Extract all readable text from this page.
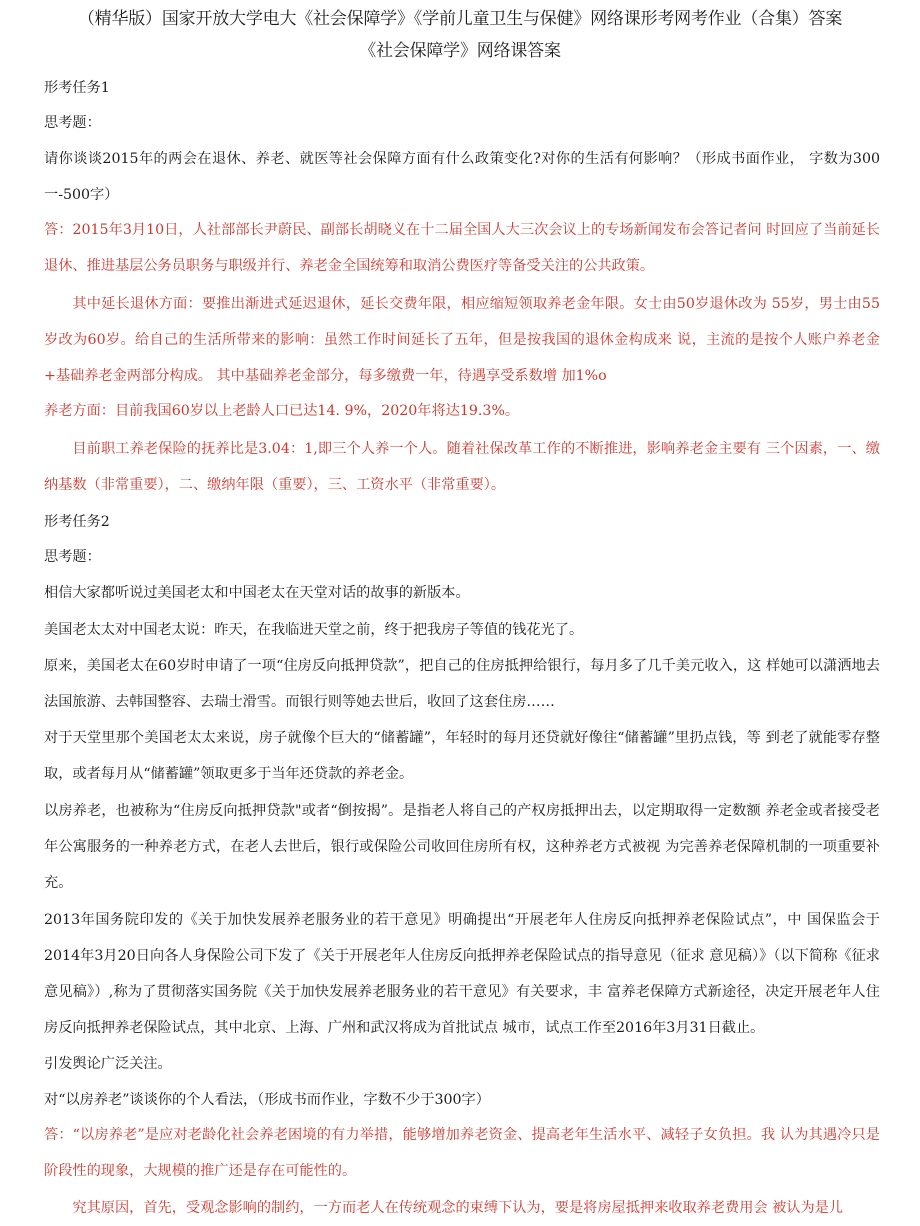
（精华版）国家开放大学电大《社会保障学》《学前儿童卫生与保健》网络课形考网考作业（合集）答案

《社会保障学》网络课答案

形考任务1

思考题：

请你谈谈2015年的两会在退休、养老、就医等社会保障方面有什么政策变化?对你的生活有何影响？（形成书面作业， 字数为300一-500字）

答：2015年3月10日，人社部部长尹蔚民、副部长胡晓义在十二届全国人大三次会议上的专场新闻发布会答记者问 时回应了当前延长退休、推进基层公务员职务与职级并行、养老金全国统筹和取消公费医疗等备受关注的公共政策。

其中延长退休方面：要推出渐进式延迟退休，延长交费年限，相应缩短领取养老金年限。女士由50岁退休改为 55岁，男士由55岁改为60岁。给自己的生活所带来的影响：虽然工作时间延长了五年，但是按我国的退休金构成来 说，主流的是按个人账户养老金+基础养老金两部分构成。 其中基础养老金部分，每多缴费一年，待遇享受系数增 加1%o

养老方面：目前我国60岁以上老龄人口已达14. 9%，2020年将达19.3%。

目前职工养老保险的抚养比是3.04：1,即三个人养一个人。随着社保改革工作的不断推进，影响养老金主要有 三个因素，一、缴纳基数（非常重要），二、缴纳年限（重要），三、工资水平（非常重要）。

形考任务2

思考题：

相信大家都听说过美国老太和中国老太在天堂对话的故事的新版本。

美国老太太对中国老太说：昨天，在我临进天堂之前，终于把我房子等值的钱花光了。

原来，美国老太在60岁时申请了一项“住房反向抵押贷款”，把自己的住房抵押给银行，每月多了几千美元收入，这 样她可以潇洒地去法国旅游、去韩国整容、去瑞士滑雪。而银行则等她去世后，收回了这套住房……

对于天堂里那个美国老太太来说，房子就像个巨大的“储蓄罐”，年轻时的每月还贷就好像往“储蓄罐”里扔点钱，等 到老了就能零存整取，或者每月从“储蓄罐”领取更多于当年还贷款的养老金。

以房养老，也被称为“住房反向抵押贷款"或者“倒按揭”。是指老人将自己的产权房抵押出去，以定期取得一定数额 养老金或者接受老年公寓服务的一种养老方式，在老人去世后，银行或保险公司收回住房所有权，这种养老方式被视 为完善养老保障机制的一项重要补充。

2013年国务院印发的《关于加快发展养老服务业的若干意见》明确提出“开展老年人住房反向抵押养老保险试点”，中 国保监会于2014年3月20日向各人身保险公司下发了《关于开展老年人住房反向抵押养老保险试点的指导意见（征求 意见稿）》（以下简称《征求意见稿》）,称为了贯彻落实国务院《关于加快发展养老服务业的若干意见》有关要求，丰 富养老保障方式新途径，决定开展老年人住房反向抵押养老保险试点，其中北京、上海、广州和武汉将成为首批试点 城市，试点工作至2016年3月31日截止。

引发舆论广泛关注。

对“以房养老”谈谈你的个人看法，（形成书而作业，字数不少于300字）

答：“以房养老”是应对老龄化社会养老困境的有力举措，能够增加养老资金、提高老年生活水平、减轻子女负担。我 认为其遇冷只是阶段性的现象，大规模的推广还是存在可能性的。

究其原因，首先，受观念影响的制约，一方而老人在传统观念的束缚下认为，要是将房屋抵押来收取养老费用会 被认为是儿
